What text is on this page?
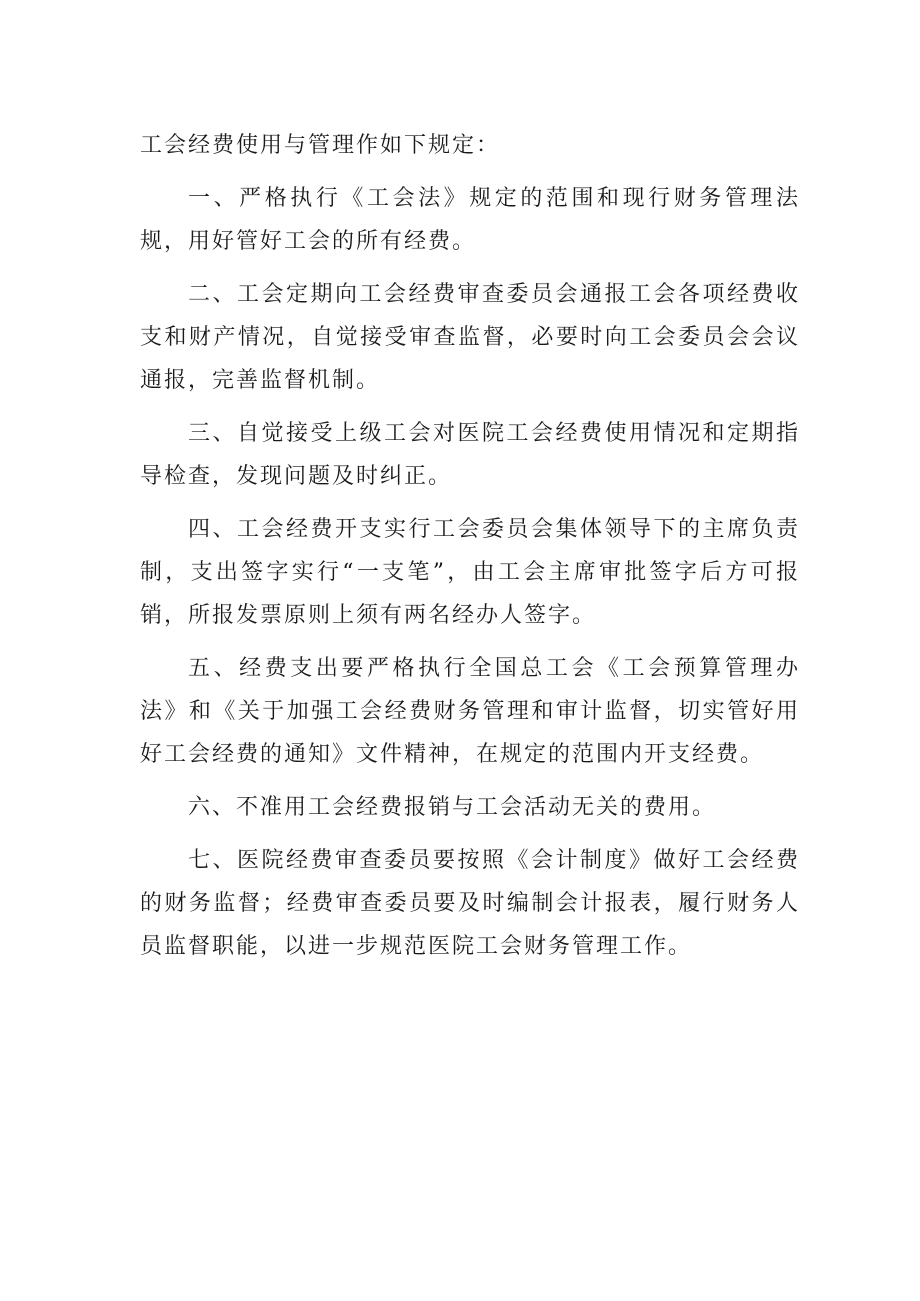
工会经费使用与管理作如下规定：

一、严格执行《工会法》规定的范围和现行财务管理法规，用好管好工会的所有经费。

二、工会定期向工会经费审查委员会通报工会各项经费收支和财产情况，自觉接受审查监督，必要时向工会委员会会议通报，完善监督机制。

三、自觉接受上级工会对医院工会经费使用情况和定期指导检查，发现问题及时纠正。

四、工会经费开支实行工会委员会集体领导下的主席负责制，支出签字实行“一支笔”，由工会主席审批签字后方可报销，所报发票原则上须有两名经办人签字。

五、经费支出要严格执行全国总工会《工会预算管理办法》和《关于加强工会经费财务管理和审计监督，切实管好用好工会经费的通知》文件精神，在规定的范围内开支经费。

六、不准用工会经费报销与工会活动无关的费用。

七、医院经费审查委员要按照《会计制度》做好工会经费的财务监督；经费审查委员要及时编制会计报表，履行财务人员监督职能，以进一步规范医院工会财务管理工作。
